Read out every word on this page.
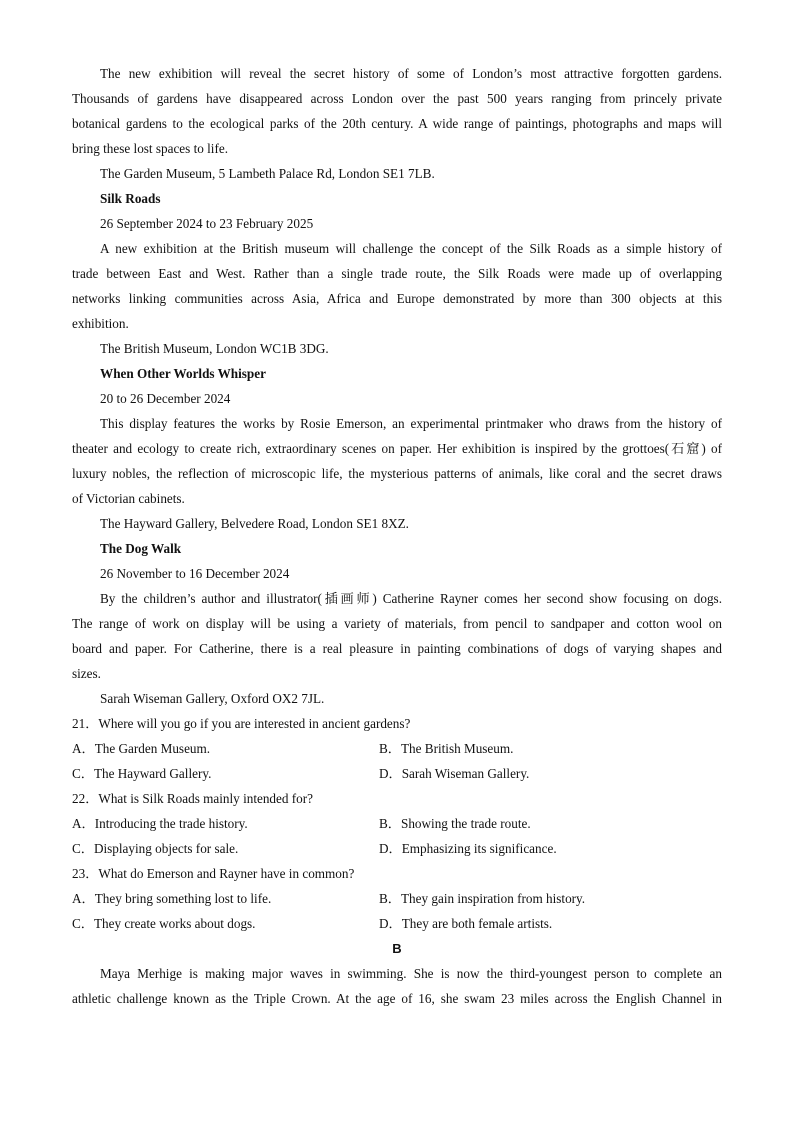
The new exhibition will reveal the secret history of some of London’s most attractive forgotten gardens.
Thousands of gardens have disappeared across London over the past 500 years ranging from princely private
botanical gardens to the ecological parks of the 20th century. A wide range of paintings, photographs and maps will
bring these lost spaces to life.
The Garden Museum, 5 Lambeth Palace Rd, London SE1 7LB.
Silk Roads
26 September 2024 to 23 February 2025
A new exhibition at the British museum will challenge the concept of the Silk Roads as a simple history of
trade between East and West. Rather than a single trade route, the Silk Roads were made up of overlapping
networks linking communities across Asia, Africa and Europe demonstrated by more than 300 objects at this
exhibition.
The British Museum, London WC1B 3DG.
When Other Worlds Whisper
20 to 26 December 2024
This display features the works by Rosie Emerson, an experimental printmaker who draws from the history of
theater and ecology to create rich, extraordinary scenes on paper. Her exhibition is inspired by the grottoes(石窟) of
luxury nobles, the reflection of microscopic life, the mysterious patterns of animals, like coral and the secret draws
of Victorian cabinets.
The Hayward Gallery, Belvedere Road, London SE1 8XZ.
The Dog Walk
26 November to 16 December 2024
By the children’s author and illustrator(插画师) Catherine Rayner comes her second show focusing on dogs.
The range of work on display will be using a variety of materials, from pencil to sandpaper and cotton wool on
board and paper. For Catherine, there is a real pleasure in painting combinations of dogs of varying shapes and
sizes.
Sarah Wiseman Gallery, Oxford OX2 7JL.
21．Where will you go if you are interested in ancient gardens?
A．The Garden Museum.	B．The British Museum.
C．The Hayward Gallery.	D．Sarah Wiseman Gallery.
22．What is Silk Roads mainly intended for?
A．Introducing the trade history.	B．Showing the trade route.
C．Displaying objects for sale.	D．Emphasizing its significance.
23．What do Emerson and Rayner have in common?
A．They bring something lost to life.	B．They gain inspiration from history.
C．They create works about dogs.	D．They are both female artists.
B
Maya Merhige is making major waves in swimming. She is now the third-youngest person to complete an
athletic challenge known as the Triple Crown. At the age of 16, she swam 23 miles across the English Channel in
